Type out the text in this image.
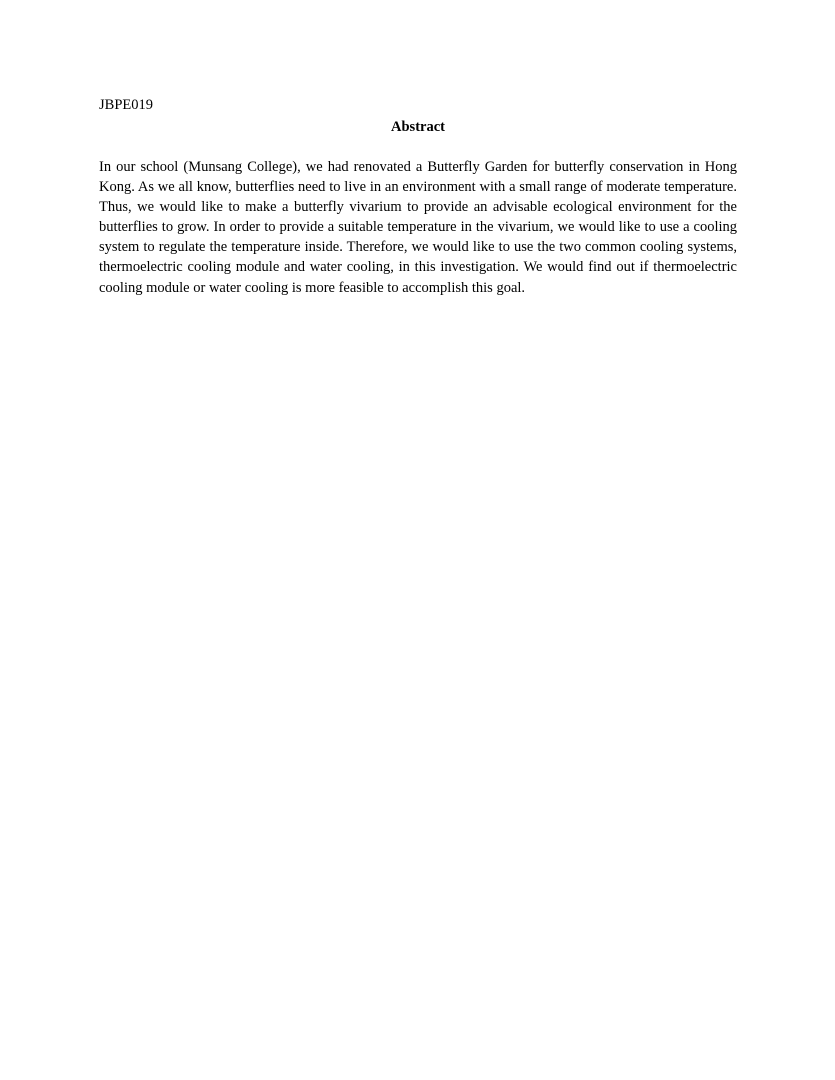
JBPE019
Abstract

In our school (Munsang College), we had renovated a Butterfly Garden for butterfly conservation in Hong Kong. As we all know, butterflies need to live in an environment with a small range of moderate temperature. Thus, we would like to make a butterfly vivarium to provide an advisable ecological environment for the butterflies to grow. In order to provide a suitable temperature in the vivarium, we would like to use a cooling system to regulate the temperature inside. Therefore, we would like to use the two common cooling systems, thermoelectric cooling module and water cooling, in this investigation. We would find out if thermoelectric cooling module or water cooling is more feasible to accomplish this goal.
